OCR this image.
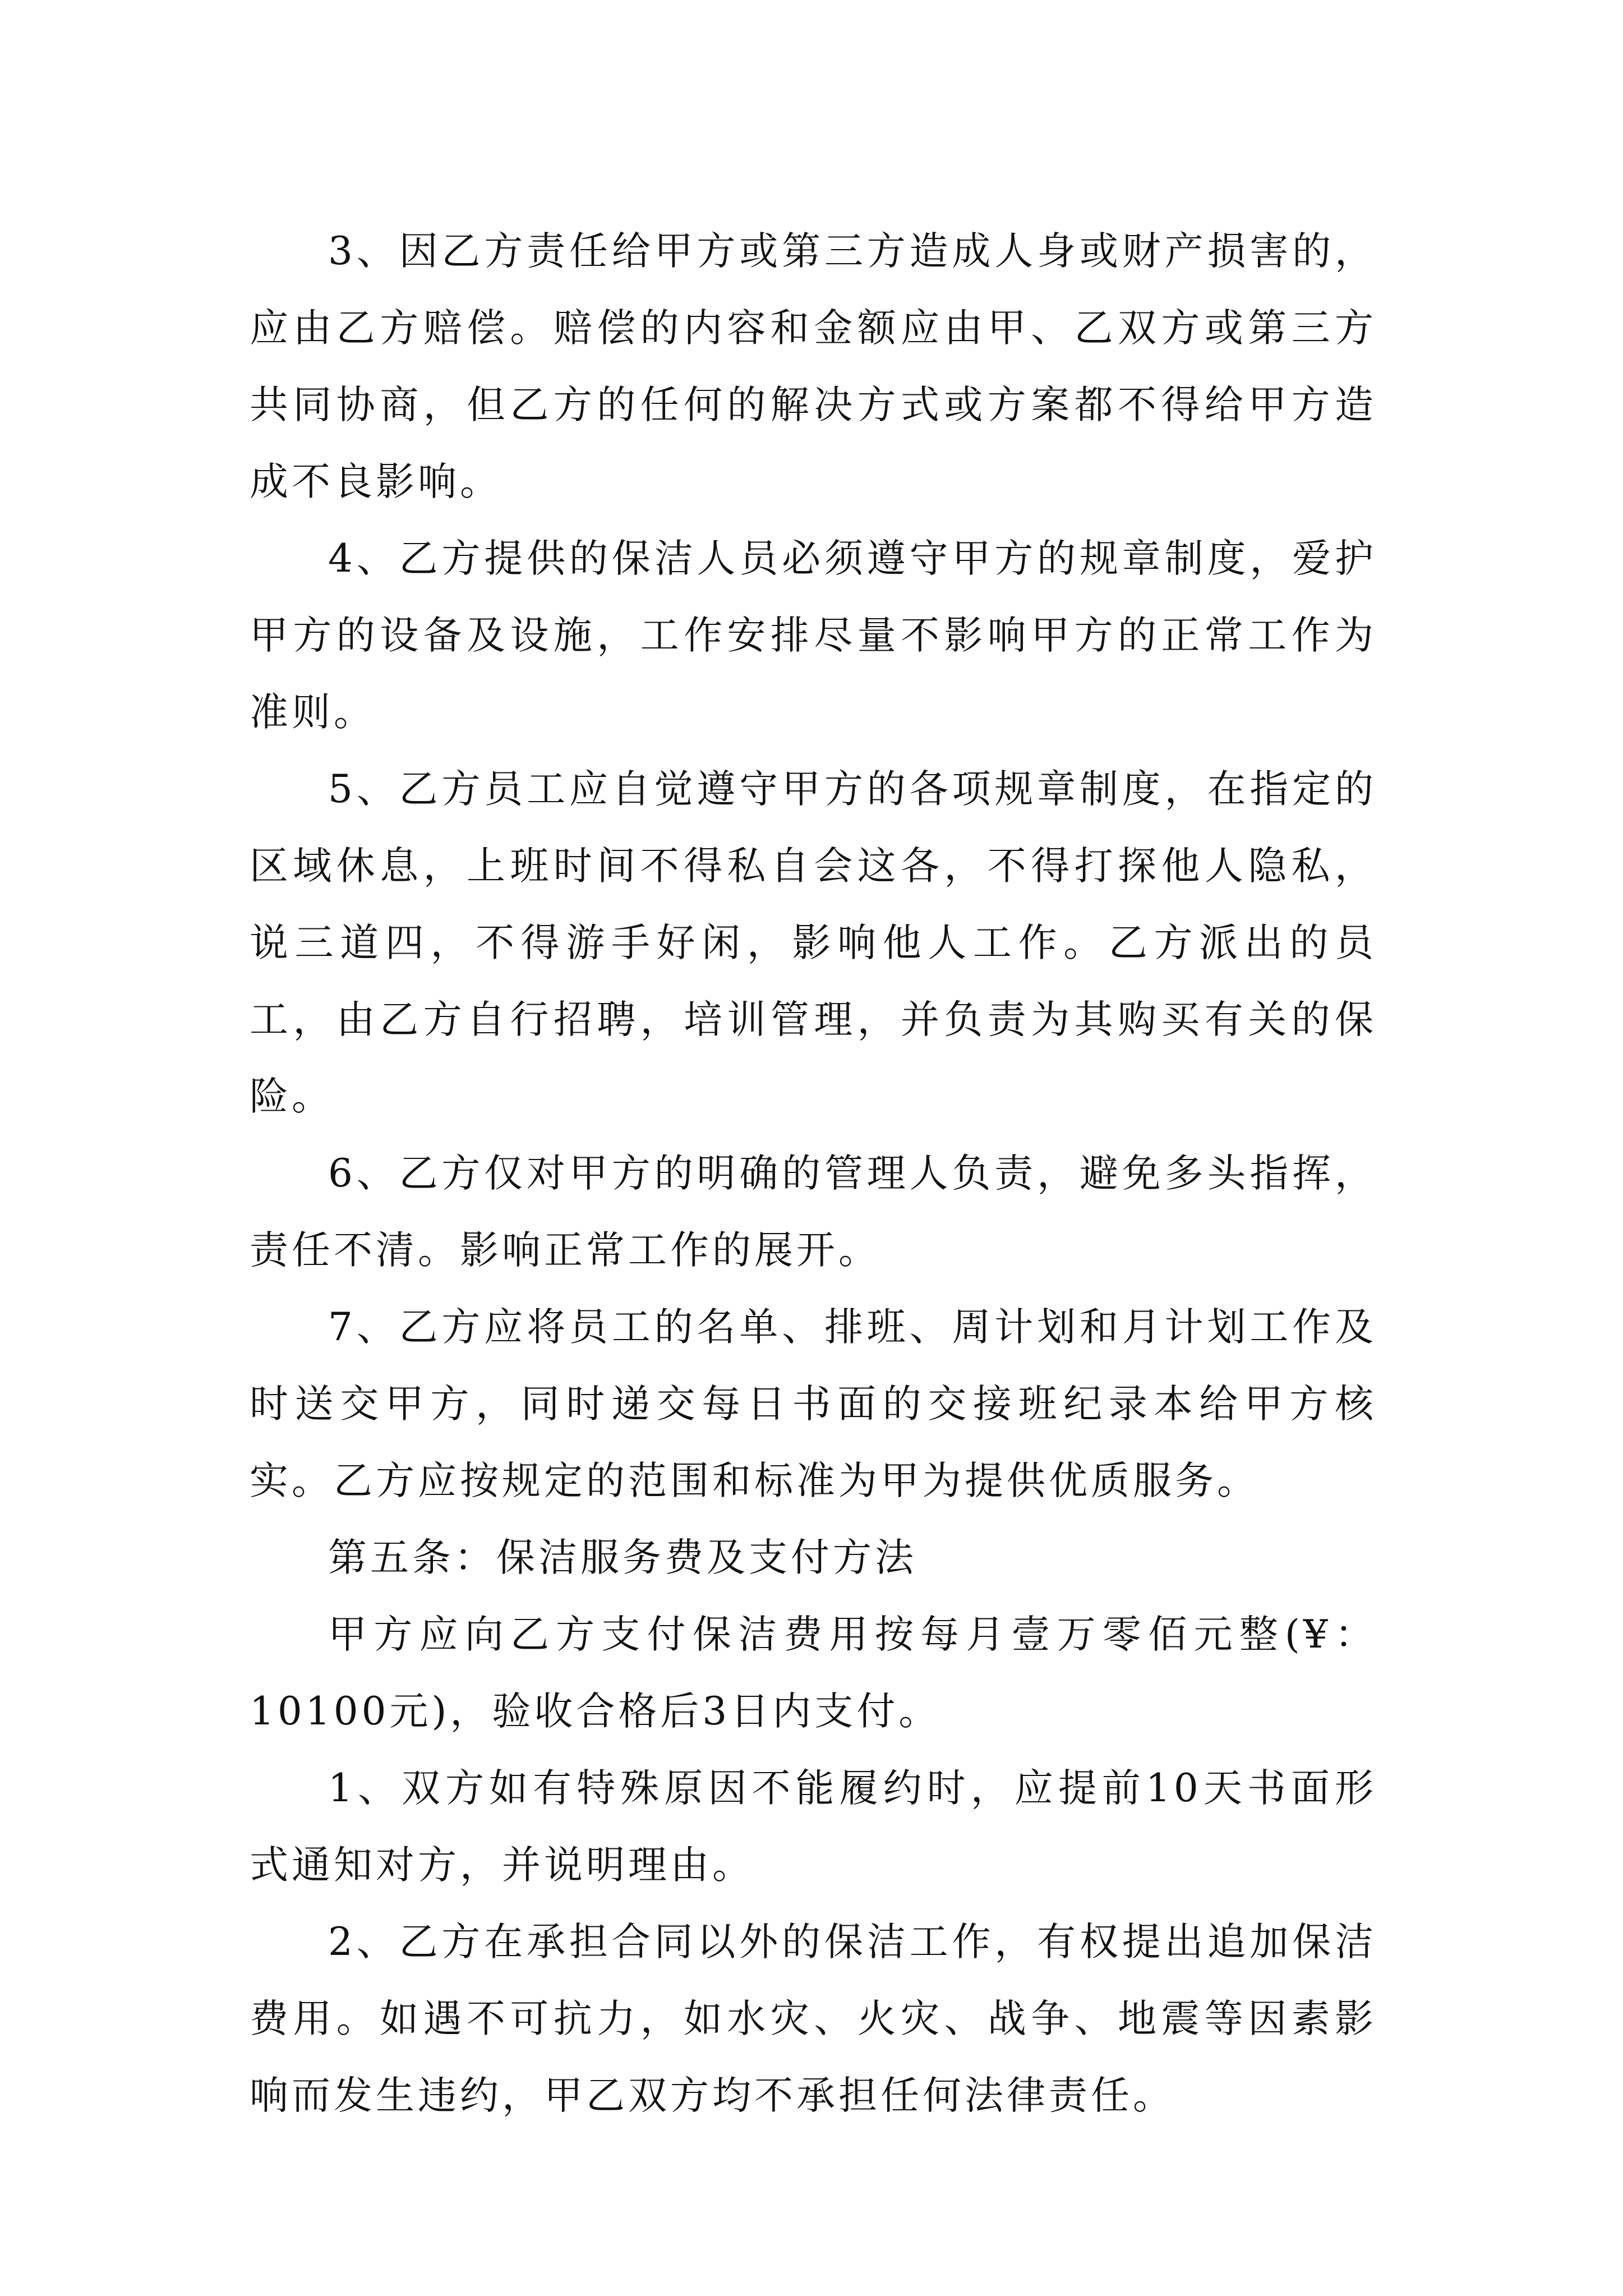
3、因乙方责任给甲方或第三方造成人身或财产损害的，应由乙方赔偿。赔偿的内容和金额应由甲、乙双方或第三方共同协商，但乙方的任何的解决方式或方案都不得给甲方造成不良影响。

4、乙方提供的保洁人员必须遵守甲方的规章制度，爱护甲方的设备及设施，工作安排尽量不影响甲方的正常工作为准则。

5、乙方员工应自觉遵守甲方的各项规章制度，在指定的区域休息，上班时间不得私自会这各，不得打探他人隐私，说三道四，不得游手好闲，影响他人工作。乙方派出的员工，由乙方自行招聘，培训管理，并负责为其购买有关的保险。

6、乙方仅对甲方的明确的管理人负责，避免多头指挥，责任不清。影响正常工作的展开。

7、乙方应将员工的名单、排班、周计划和月计划工作及时送交甲方，同时递交每日书面的交接班纪录本给甲方核实。乙方应按规定的范围和标准为甲为提供优质服务。

第五条：保洁服务费及支付方法

甲方应向乙方支付保洁费用按每月壹万零佰元整(¥：10100元)，验收合格后3日内支付。

1、双方如有特殊原因不能履约时，应提前10天书面形式通知对方，并说明理由。

2、乙方在承担合同以外的保洁工作，有权提出追加保洁费用。如遇不可抗力，如水灾、火灾、战争、地震等因素影响而发生违约，甲乙双方均不承担任何法律责任。
